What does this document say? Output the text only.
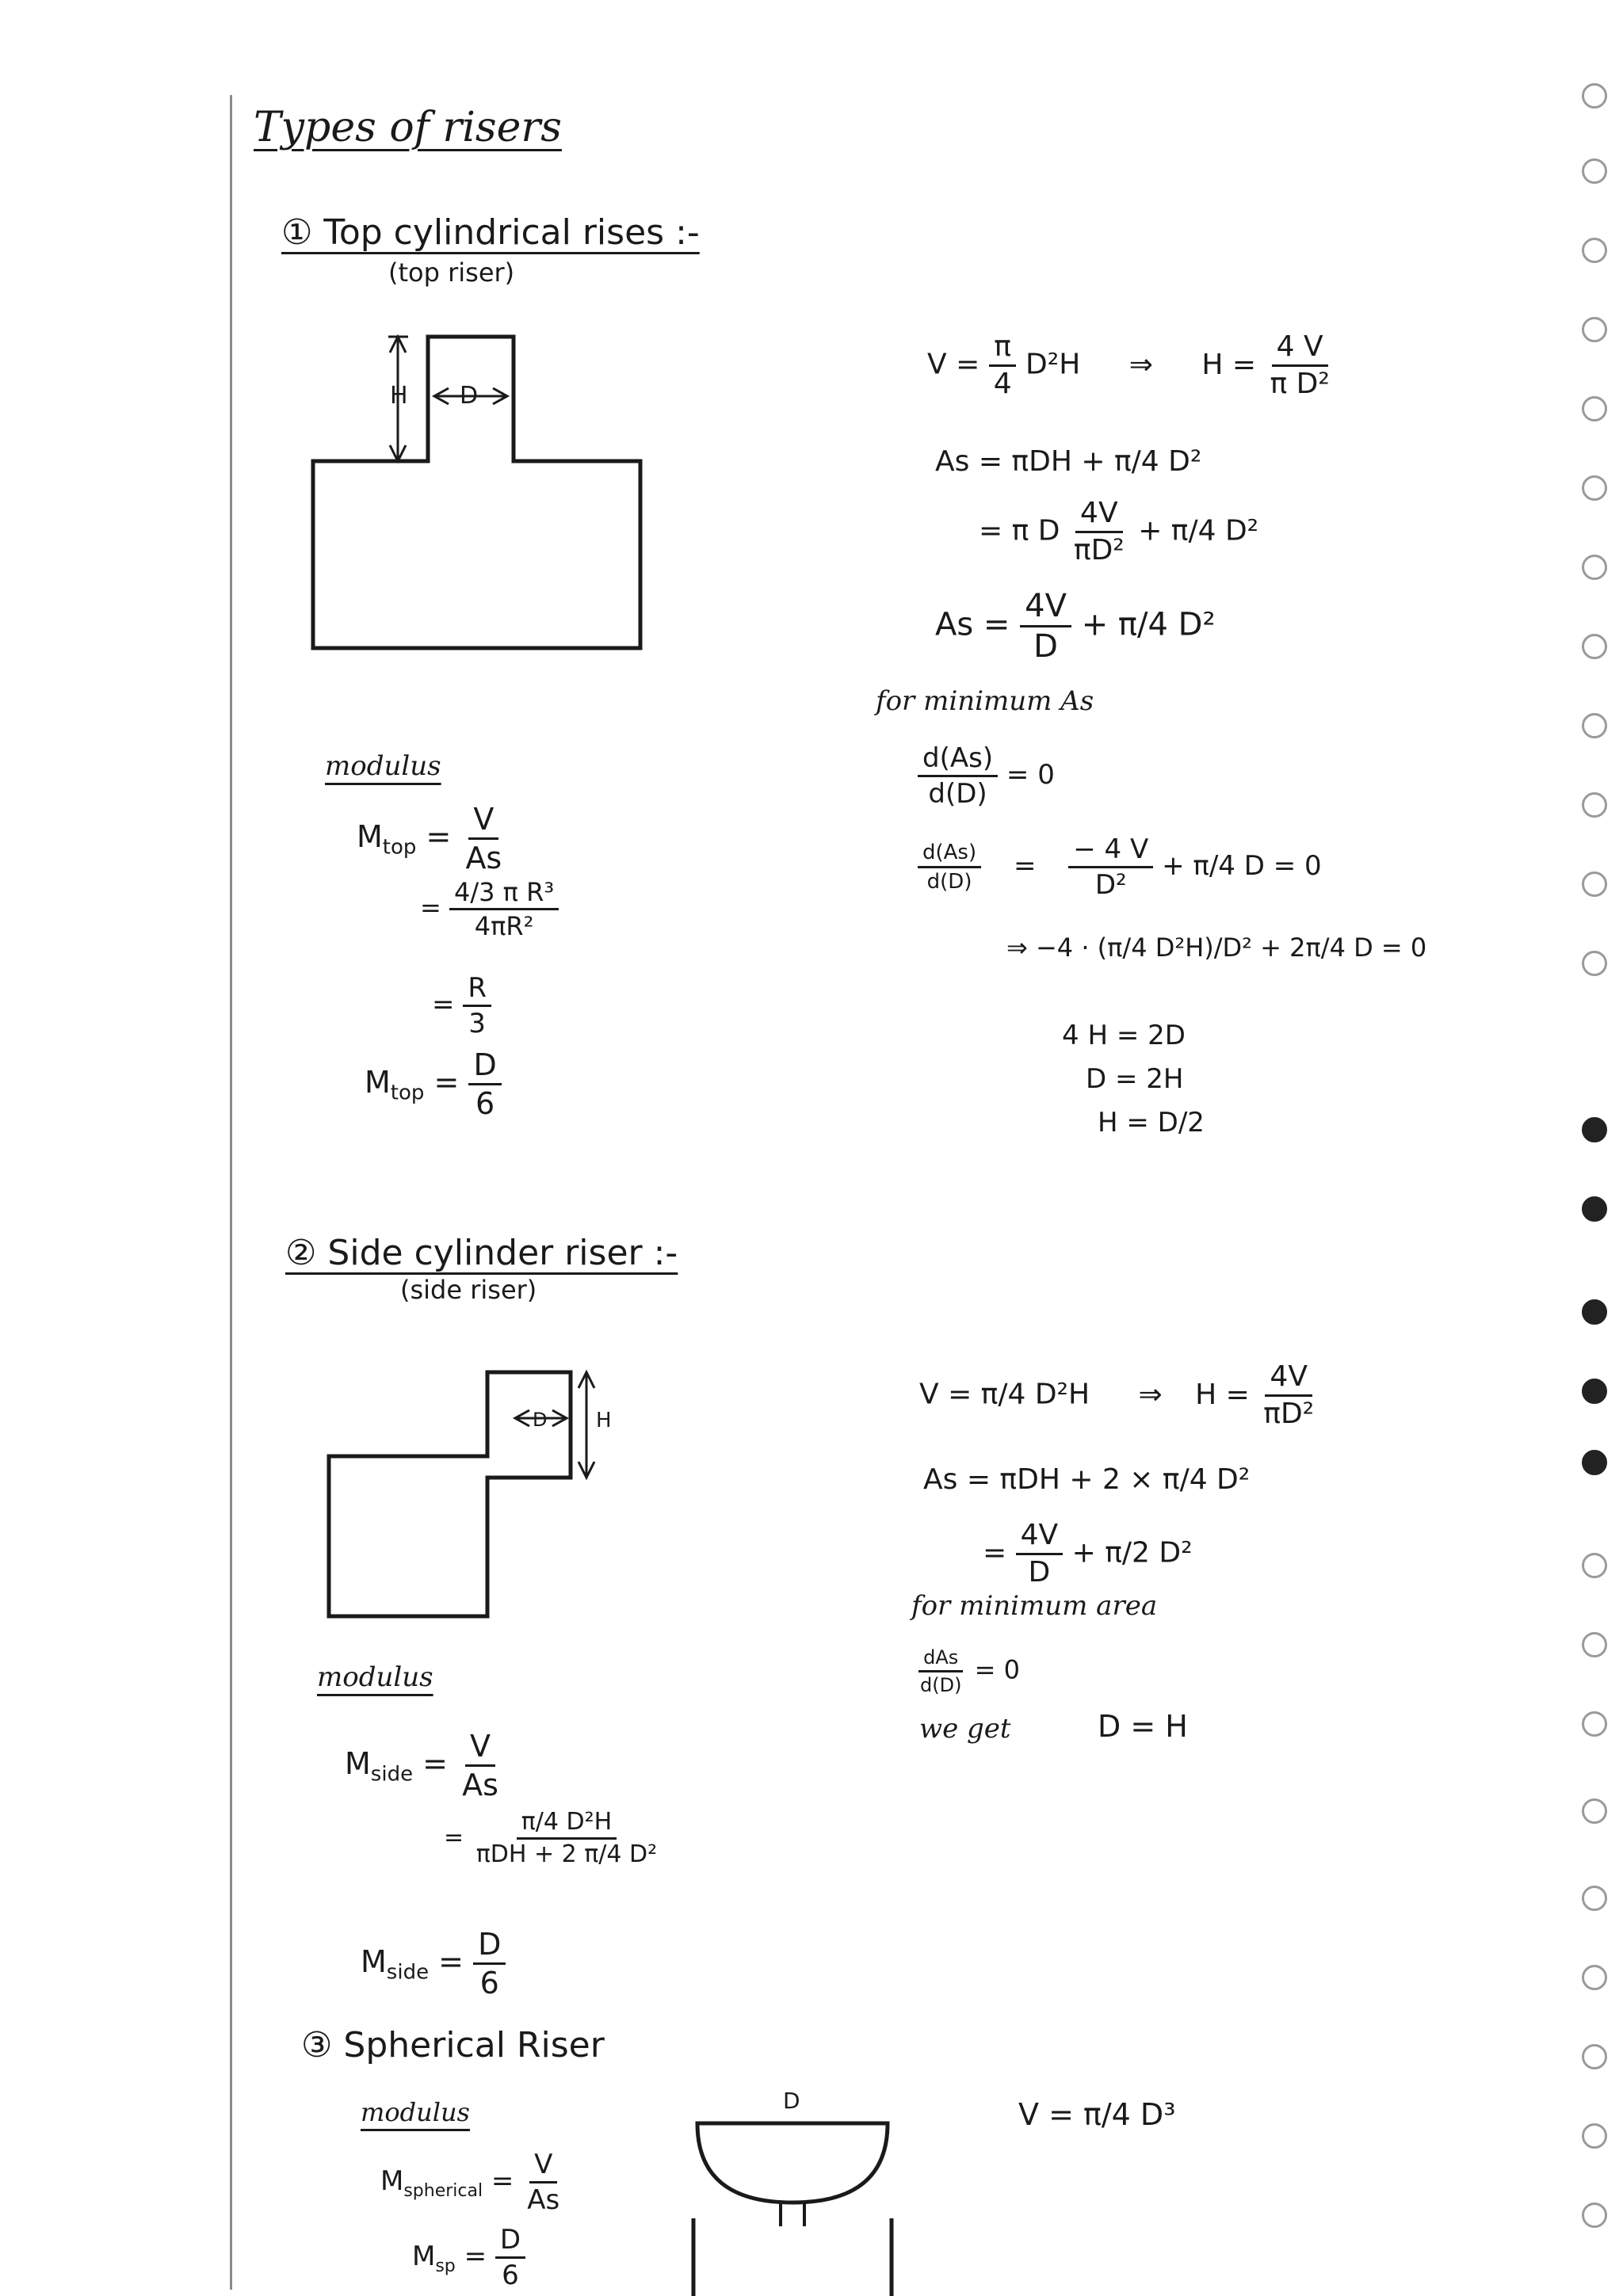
Types of risers
① Top cylindrical rises :-
(top riser)
H D
$V = \frac{\pi}{4} D^2H$ ⇒ $H = \frac{4 V}{\text{π D²}}$
As = πDH + π/4 D²
= π D $\frac{4V}{\text{πD²}} + \pi/4$ D²
$As = \frac{4V}{D} + \pi/4$ D²
for minimum As
$\frac{d(As)}{d(D)} = 0$
$\frac{d(As)}{d(D)} = \frac{- 4 V}{\text{D²}} + \pi/4$ D = 0
⇒ −4 · (π/4 D²H)/D² + 2π/4 D = 0
4 H = 2D
D = 2H
H = D/2
modulus
$M_{top} = \frac{V}{As}$
= $\frac{\text{4/3 π R³}}{\text{4πR²}}$
= $\frac{R}{3}$
$M_{top} = \frac{D}{6}$
② Side cylinder riser :-
(side riser)
H
D
V = π/4 D²H ⇒ $H = \frac{4V}{\text{πD²}}$
As = πDH + 2 × π/4 D²
= $\frac{4V}{D} + \pi/2$ D²
for minimum area
$\frac{\text{dAs}}{d(D)} = 0$
we get	D = H
modulus
$M_{side} = \frac{V}{As}$
= $\frac{\text{π/4 D²H}}{\text{πDH + 2 π/4 D²}}$
$M_{side} = \frac{D}{6}$
③ Spherical Riser
modulus
$M_{spherical} = \frac{V}{As}$
$M_{sp} = \frac{D}{6}$
D	V = π/4 D³
